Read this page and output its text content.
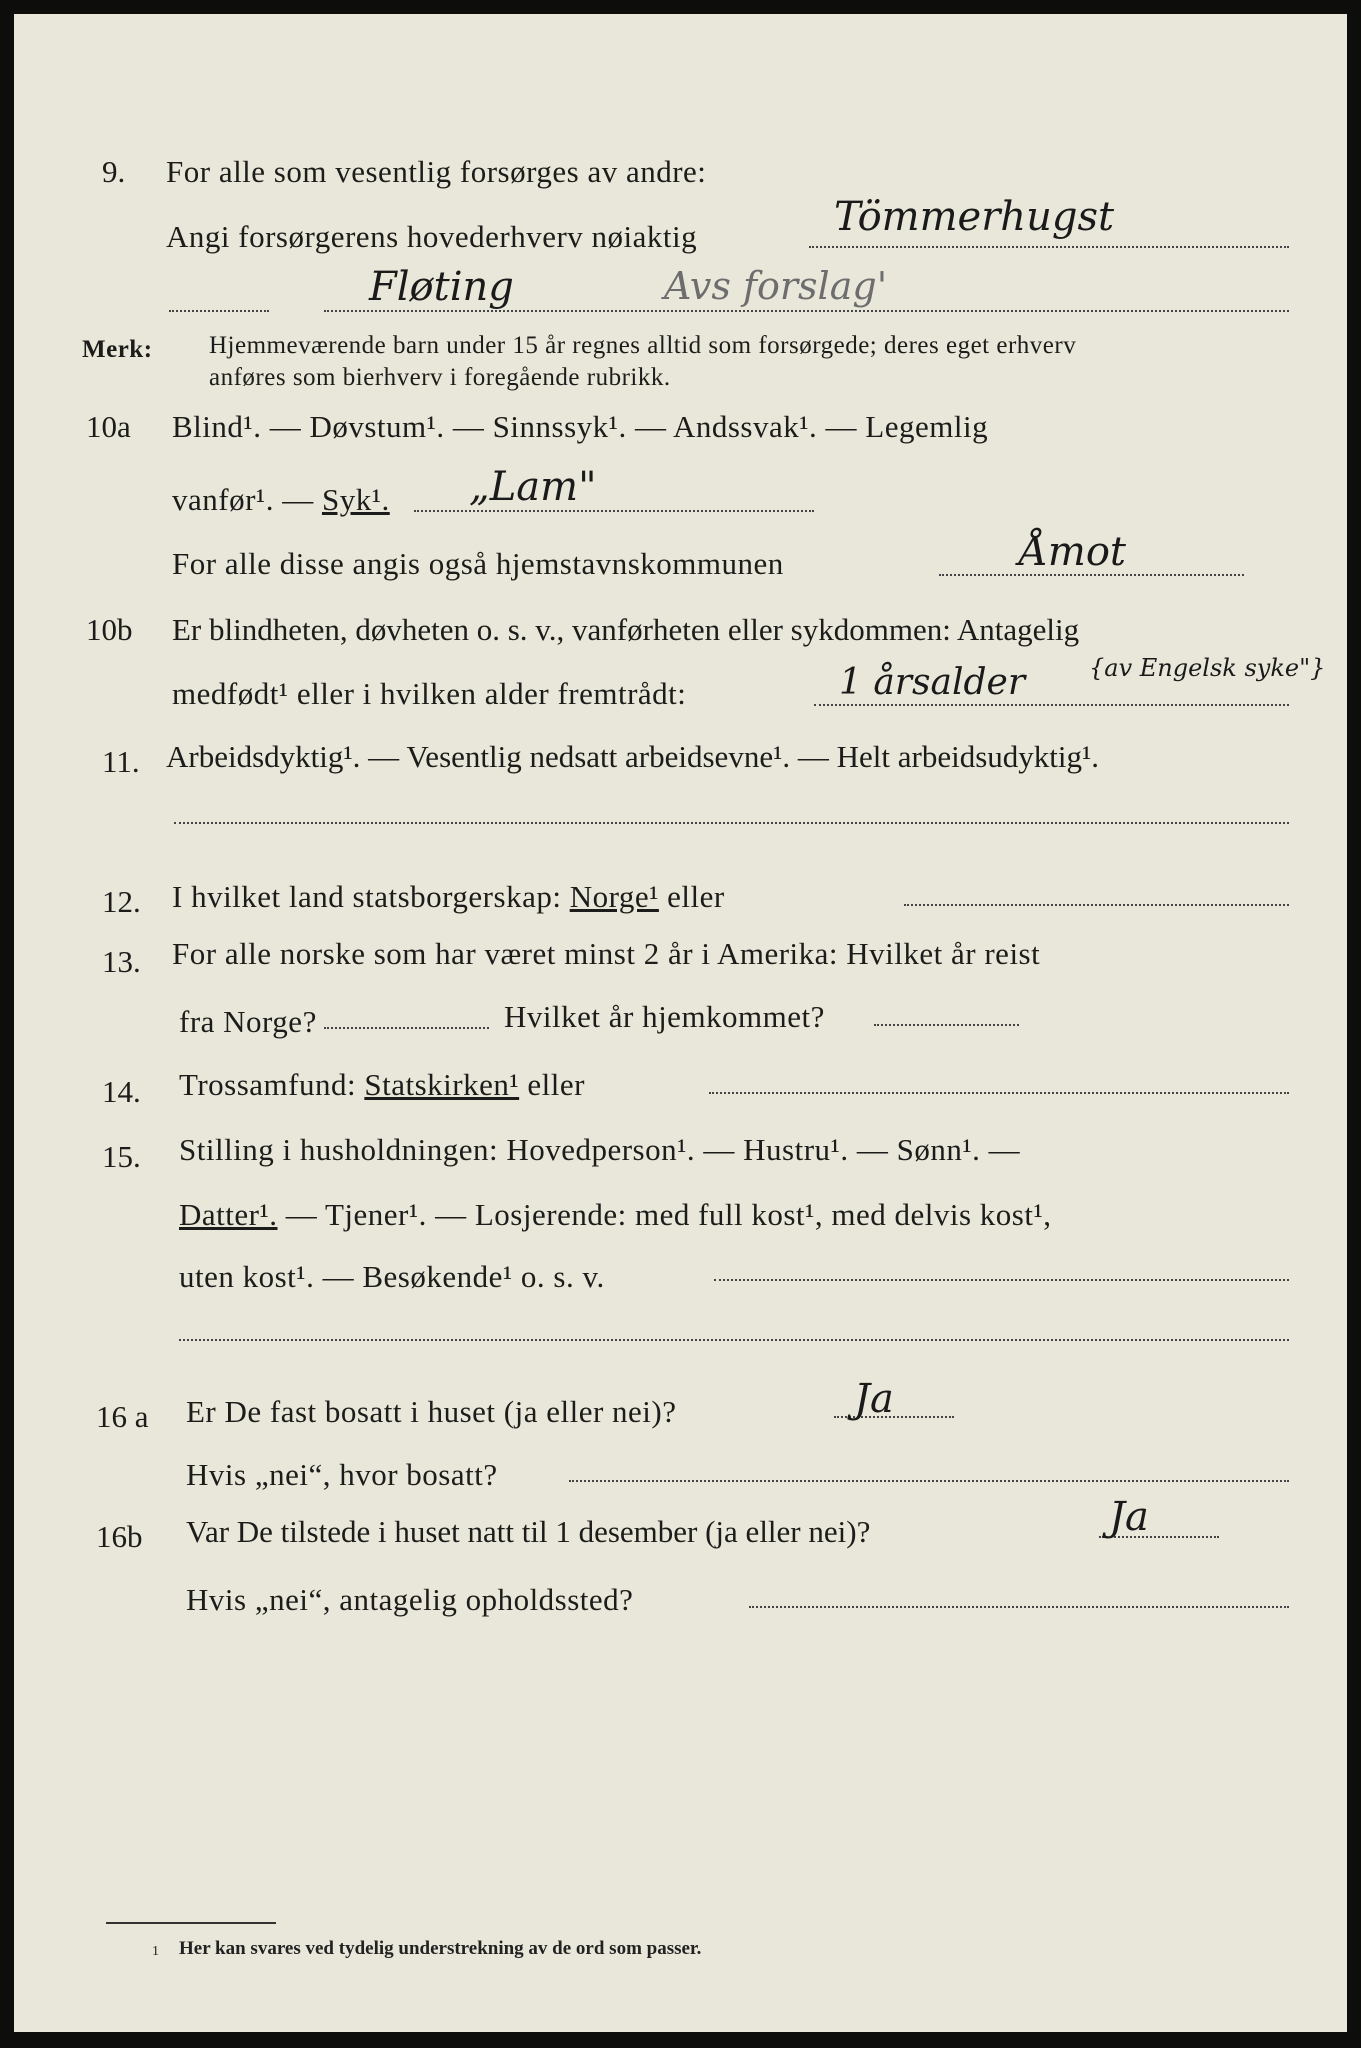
9. For alle som vesentlig forsørges av andre:
Angi forsørgerens hovederhverv nøiaktig	Tömmerhugst
Fløting	Avs forslag'
Merk: Hjemmeværende barn under 15 år regnes alltid som forsørgede; deres eget erhverv
anføres som bierhverv i foregående rubrikk.
10a Blind¹. — Døvstum¹. — Sinnssyk¹. — Andssvak¹. — Legemlig
vanfør¹. — Syk¹. „Lam"
For alle disse angis også hjemstavnskommunen	Åmot
10b Er blindheten, døvheten o. s. v., vanførheten eller sykdommen: Antagelig
medfødt¹ eller i hvilken alder fremtrådt:	1 årsalder	{av Engelsk syke"}
11. Arbeidsdyktig¹. — Vesentlig nedsatt arbeidsevne¹. — Helt arbeidsudyktig¹.
12. I hvilket land statsborgerskap: Norge¹ eller
13. For alle norske som har været minst 2 år i Amerika: Hvilket år reist
fra Norge?	Hvilket år hjemkommet?
14. Trossamfund: Statskirken¹ eller
15. Stilling i husholdningen: Hovedperson¹. — Hustru¹. — Sønn¹. —
Datter¹. — Tjener¹. — Losjerende: med full kost¹, med delvis kost¹,
uten kost¹. — Besøkende¹ o. s. v.
16 a Er De fast bosatt i huset (ja eller nei)?	Ja
Hvis „nei“, hvor bosatt?
16b Var De tilstede i huset natt til 1 desember (ja eller nei)?	Ja
Hvis „nei“, antagelig opholdssted?
1 Her kan svares ved tydelig understrekning av de ord som passer.
